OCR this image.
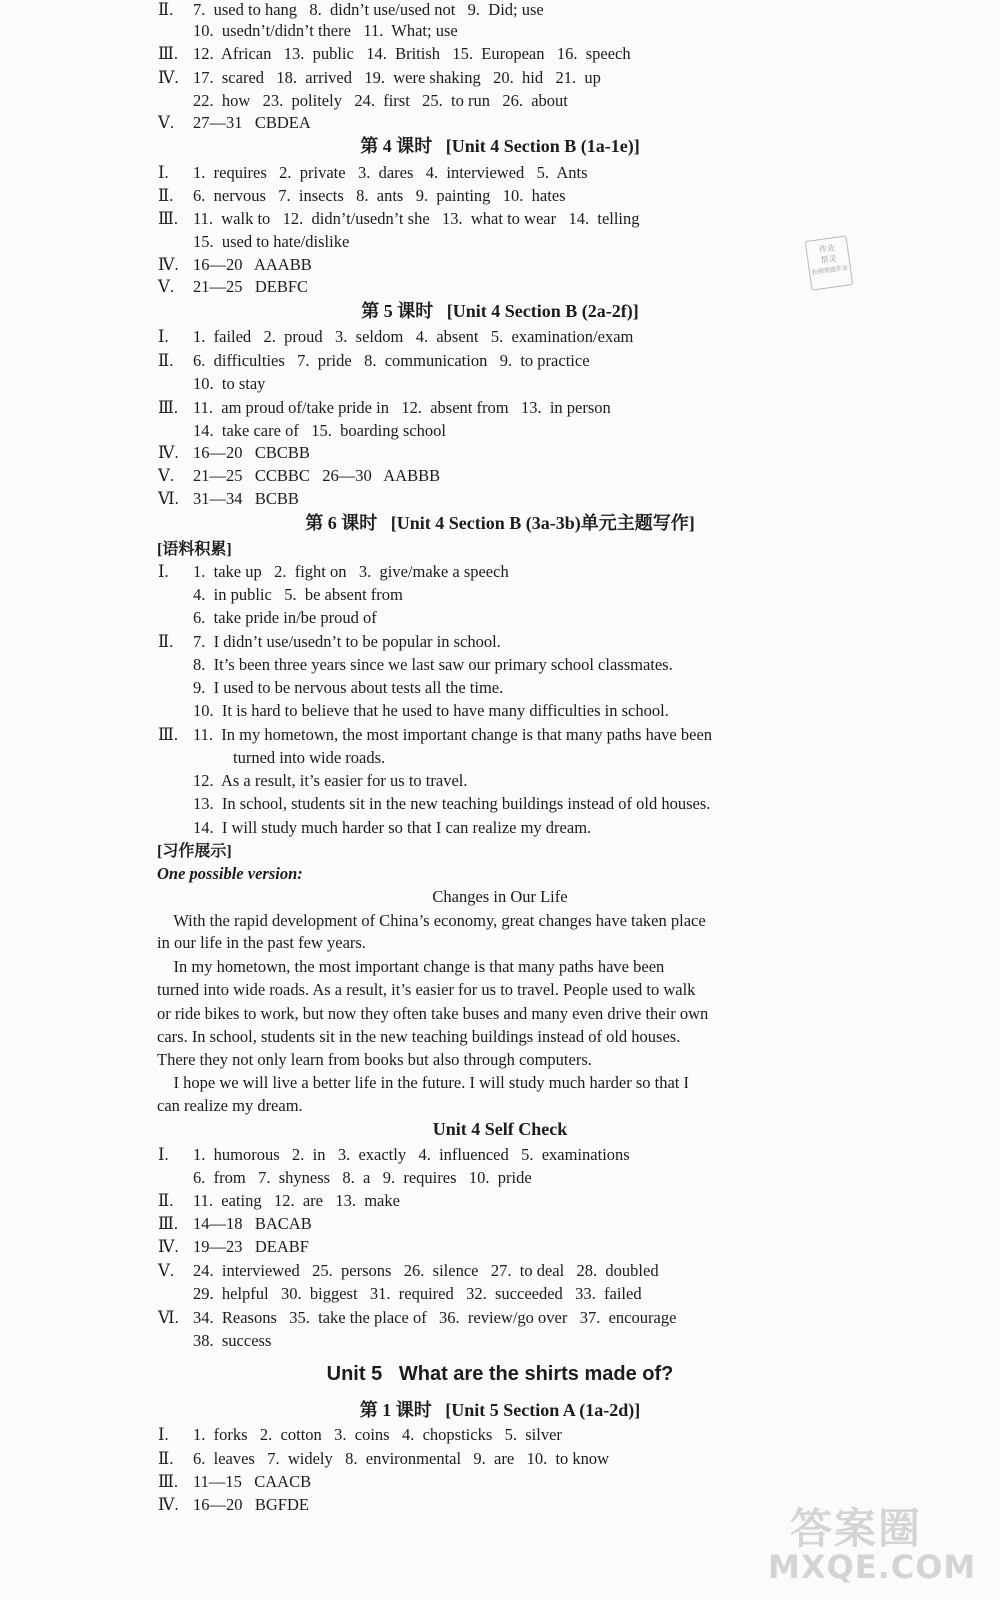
Ⅱ. 7.  used to hang   8.  didn’t use/used not   9.  Did; use
10.  usedn’t/didn’t there   11.  What; use
Ⅲ. 12.  African   13.  public   14.  British   15.  European   16.  speech
Ⅳ. 17.  scared   18.  arrived   19.  were shaking   20.  hid   21.  up
22.  how   23.  politely   24.  first   25.  to run   26.  about
Ⅴ. 27—31   CBDEA
第 4 课时   [Unit 4 Section B (1a-1e)]
Ⅰ. 1.  requires   2.  private   3.  dares   4.  interviewed   5.  Ants
Ⅱ. 6.  nervous   7.  insects   8.  ants   9.  painting   10.  hates
Ⅲ. 11.  walk to   12.  didn’t/usedn’t she   13.  what to wear   14.  telling
15.  used to hate/dislike
Ⅳ. 16—20   AAABB
Ⅴ. 21—25   DEBFC
第 5 课时   [Unit 4 Section B (2a-2f)]
Ⅰ. 1.  failed   2.  proud   3.  seldom   4.  absent   5.  examination/exam
Ⅱ. 6.  difficulties   7.  pride   8.  communication   9.  to practice
10.  to stay
Ⅲ. 11.  am proud of/take pride in   12.  absent from   13.  in person
14.  take care of   15.  boarding school
Ⅳ. 16—20   CBCBB
Ⅴ. 21—25   CCBBC   26—30   AABBB
Ⅵ. 31—34   BCBB
第 6 课时   [Unit 4 Section B (3a-3b)单元主题写作]
[语料积累]
Ⅰ. 1.  take up   2.  fight on   3.  give/make a speech
4.  in public   5.  be absent from
6.  take pride in/be proud of
Ⅱ. 7.  I didn’t use/usedn’t to be popular in school.
8.  It’s been three years since we last saw our primary school classmates.
9.  I used to be nervous about tests all the time.
10.  It is hard to believe that he used to have many difficulties in school.
Ⅲ. 11.  In my hometown, the most important change is that many paths have been
turned into wide roads.
12.  As a result, it’s easier for us to travel.
13.  In school, students sit in the new teaching buildings instead of old houses.
14.  I will study much harder so that I can realize my dream.
[习作展示]
One possible version:
Changes in Our Life
With the rapid development of China’s economy, great changes have taken place
in our life in the past few years.
In my hometown, the most important change is that many paths have been
turned into wide roads. As a result, it’s easier for us to travel. People used to walk
or ride bikes to work, but now they often take buses and many even drive their own
cars. In school, students sit in the new teaching buildings instead of old houses.
There they not only learn from books but also through computers.
I hope we will live a better life in the future. I will study much harder so that I
can realize my dream.
Unit 4 Self Check
Ⅰ. 1.  humorous   2.  in   3.  exactly   4.  influenced   5.  examinations
6.  from   7.  shyness   8.  a   9.  requires   10.  pride
Ⅱ. 11.  eating   12.  are   13.  make
Ⅲ. 14—18   BACAB
Ⅳ. 19—23   DEABF
Ⅴ. 24.  interviewed   25.  persons   26.  silence   27.  to deal   28.  doubled
29.  helpful   30.  biggest   31.  required   32.  succeeded   33.  failed
Ⅵ. 34.  Reasons   35.  take the place of   36.  review/go over   37.  encourage
38.  success
Unit 5   What are the shirts made of?
第 1 课时   [Unit 5 Section A (1a-2d)]
Ⅰ. 1.  forks   2.  cotton   3.  coins   4.  chopsticks   5.  silver
Ⅱ. 6.  leaves   7.  widely   8.  environmental   9.  are   10.  to know
Ⅲ. 11—15   CAACB
Ⅳ. 16—20   BGFDE
作业
帮灵
拍照搜题作业
答案圈
MXQE.COM
